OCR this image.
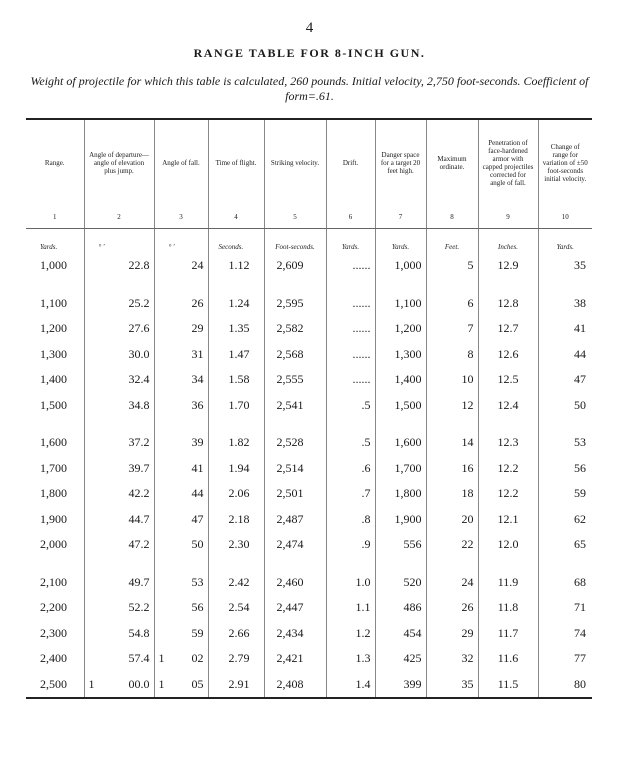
4
RANGE TABLE FOR 8-INCH GUN.
Weight of projectile for which this table is calculated, 260 pounds. Initial velocity, 2,750 foot-seconds. Coefficient of form=.61.
Range.	Angle of departure—angle of elevation plus jump.	Angle of fall.	Time of flight.	Striking velocity.	Drift.	Danger space for a target 20 feet high.	Maximum ordinate.	Penetration of face-hardened armor with capped projectiles corrected for angle of fall.	Change of range for variation of ±50 foot-seconds initial velocity.
1	2	3	4	5	6	7	8	9	10
Yards.	° ′	° ′	Seconds.	Foot-seconds.	Yards.	Yards.	Feet.	Inches.	Yards.
1,000	22.8	24	1.12	2,609	......	1,000	5	12.9	35

1,100	25.2	26	1.24	2,595	......	1,100	6	12.8	38
1,200	27.6	29	1.35	2,582	......	1,200	7	12.7	41
1,300	30.0	31	1.47	2,568	......	1,300	8	12.6	44
1,400	32.4	34	1.58	2,555	......	1,400	10	12.5	47
1,500	34.8	36	1.70	2,541	.5	1,500	12	12.4	50

1,600	37.2	39	1.82	2,528	.5	1,600	14	12.3	53
1,700	39.7	41	1.94	2,514	.6	1,700	16	12.2	56
1,800	42.2	44	2.06	2,501	.7	1,800	18	12.2	59
1,900	44.7	47	2.18	2,487	.8	1,900	20	12.1	62
2,000	47.2	50	2.30	2,474	.9	556	22	12.0	65

2,100	49.7	53	2.42	2,460	1.0	520	24	11.9	68
2,200	52.2	56	2.54	2,447	1.1	486	26	11.8	71
2,300	54.8	59	2.66	2,434	1.2	454	29	11.7	74
2,400	57.4	1 02	2.79	2,421	1.3	425	32	11.6	77
2,500	1 00.0	1 05	2.91	2,408	1.4	399	35	11.5	80
